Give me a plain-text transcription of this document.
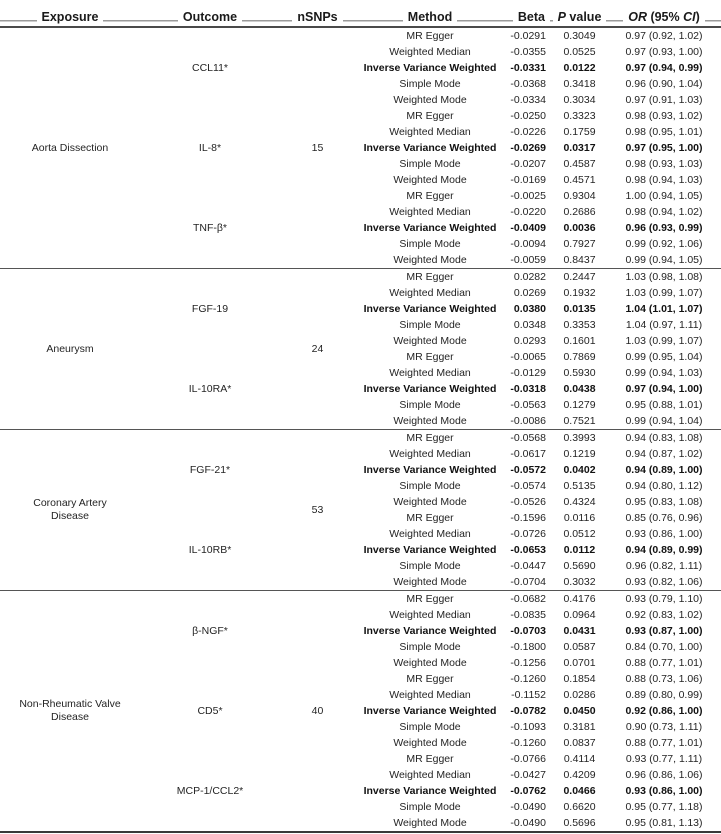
Exposure	Outcome	nSNPs	Method	Beta	P value	OR (95% CI)

Aorta Dissection	CCL11*	15	MR Egger	-0.0291	0.3049	0.97 (0.92, 1.02)
			Weighted Median	-0.0355	0.0525	0.97 (0.93, 1.00)
			Inverse Variance Weighted	-0.0331	0.0122	0.97 (0.94, 0.99)
			Simple Mode	-0.0368	0.3418	0.96 (0.90, 1.04)
			Weighted Mode	-0.0334	0.3034	0.97 (0.91, 1.03)
	IL-8*		MR Egger	-0.0250	0.3323	0.98 (0.93, 1.02)
			Weighted Median	-0.0226	0.1759	0.98 (0.95, 1.01)
			Inverse Variance Weighted	-0.0269	0.0317	0.97 (0.95, 1.00)
			Simple Mode	-0.0207	0.4587	0.98 (0.93, 1.03)
			Weighted Mode	-0.0169	0.4571	0.98 (0.94, 1.03)
	TNF-β*		MR Egger	-0.0025	0.9304	1.00 (0.94, 1.05)
			Weighted Median	-0.0220	0.2686	0.98 (0.94, 1.02)
			Inverse Variance Weighted	-0.0409	0.0036	0.96 (0.93, 0.99)
			Simple Mode	-0.0094	0.7927	0.99 (0.92, 1.06)
			Weighted Mode	-0.0059	0.8437	0.99 (0.94, 1.05)

Aneurysm	FGF-19	24	MR Egger	0.0282	0.2447	1.03 (0.98, 1.08)
			Weighted Median	0.0269	0.1932	1.03 (0.99, 1.07)
			Inverse Variance Weighted	0.0380	0.0135	1.04 (1.01, 1.07)
			Simple Mode	0.0348	0.3353	1.04 (0.97, 1.11)
			Weighted Mode	0.0293	0.1601	1.03 (0.99, 1.07)
	IL-10RA*		MR Egger	-0.0065	0.7869	0.99 (0.95, 1.04)
			Weighted Median	-0.0129	0.5930	0.99 (0.94, 1.03)
			Inverse Variance Weighted	-0.0318	0.0438	0.97 (0.94, 1.00)
			Simple Mode	-0.0563	0.1279	0.95 (0.88, 1.01)
			Weighted Mode	-0.0086	0.7521	0.99 (0.94, 1.04)

Coronary Artery Disease	FGF-21*	53	MR Egger	-0.0568	0.3993	0.94 (0.83, 1.08)
			Weighted Median	-0.0617	0.1219	0.94 (0.87, 1.02)
			Inverse Variance Weighted	-0.0572	0.0402	0.94 (0.89, 1.00)
			Simple Mode	-0.0574	0.5135	0.94 (0.80, 1.12)
			Weighted Mode	-0.0526	0.4324	0.95 (0.83, 1.08)
	IL-10RB*		MR Egger	-0.1596	0.0116	0.85 (0.76, 0.96)
			Weighted Median	-0.0726	0.0512	0.93 (0.86, 1.00)
			Inverse Variance Weighted	-0.0653	0.0112	0.94 (0.89, 0.99)
			Simple Mode	-0.0447	0.5690	0.96 (0.82, 1.11)
			Weighted Mode	-0.0704	0.3032	0.93 (0.82, 1.06)

Non-Rheumatic Valve Disease	β-NGF*	40	MR Egger	-0.0682	0.4176	0.93 (0.79, 1.10)
			Weighted Median	-0.0835	0.0964	0.92 (0.83, 1.02)
			Inverse Variance Weighted	-0.0703	0.0431	0.93 (0.87, 1.00)
			Simple Mode	-0.1800	0.0587	0.84 (0.70, 1.00)
			Weighted Mode	-0.1256	0.0701	0.88 (0.77, 1.01)
	CD5*		MR Egger	-0.1260	0.1854	0.88 (0.73, 1.06)
			Weighted Median	-0.1152	0.0286	0.89 (0.80, 0.99)
			Inverse Variance Weighted	-0.0782	0.0450	0.92 (0.86, 1.00)
			Simple Mode	-0.1093	0.3181	0.90 (0.73, 1.11)
			Weighted Mode	-0.1260	0.0837	0.88 (0.77, 1.01)
	MCP-1/CCL2*		MR Egger	-0.0766	0.4114	0.93 (0.77, 1.11)
			Weighted Median	-0.0427	0.4209	0.96 (0.86, 1.06)
			Inverse Variance Weighted	-0.0762	0.0466	0.93 (0.86, 1.00)
			Simple Mode	-0.0490	0.6620	0.95 (0.77, 1.18)
			Weighted Mode	-0.0490	0.5696	0.95 (0.81, 1.13)
